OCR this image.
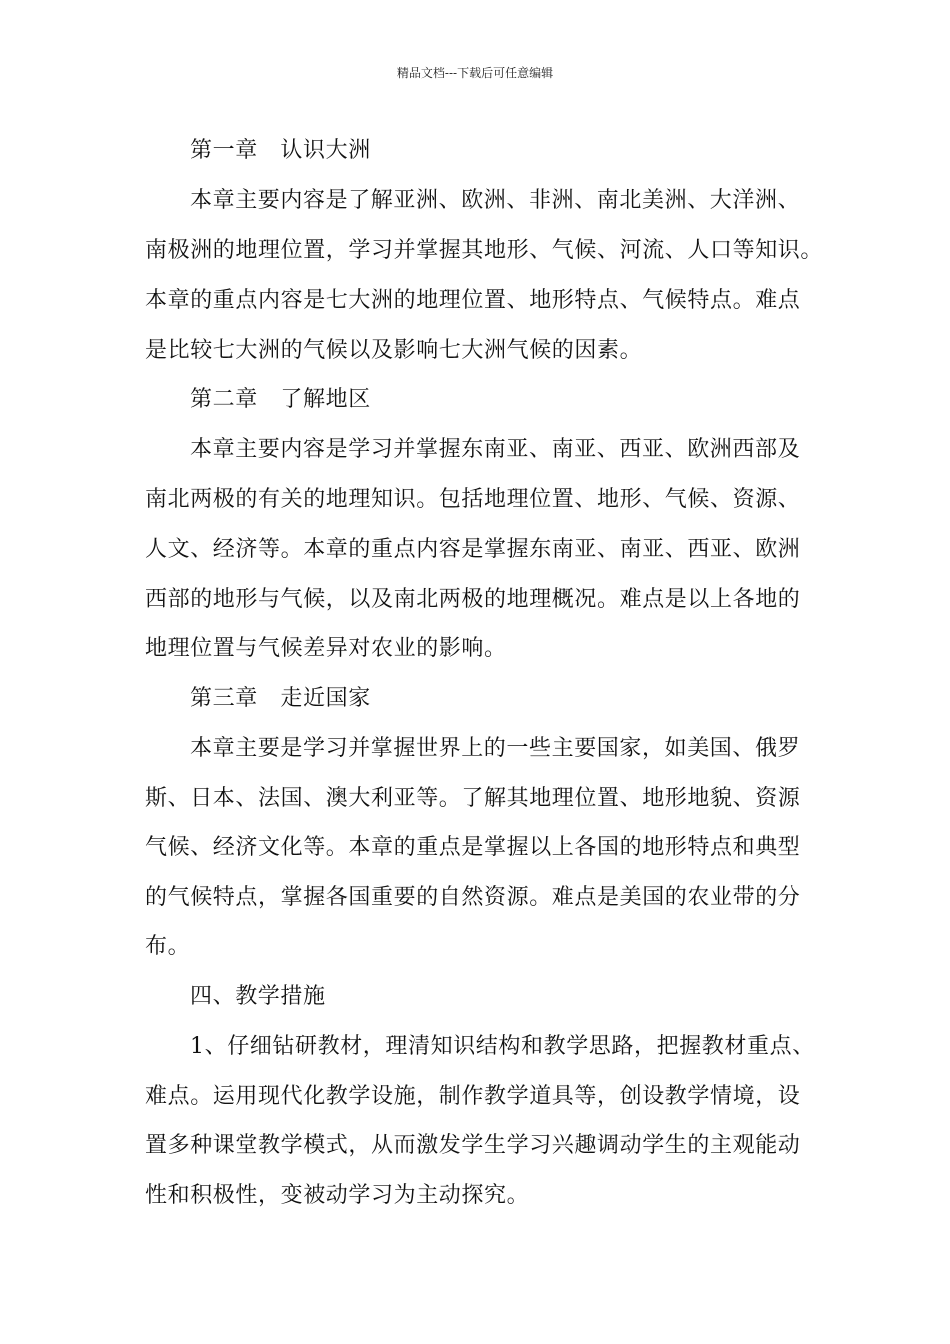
精品文档---下载后可任意编辑
第一章　认识大洲
本章主要内容是了解亚洲、欧洲、非洲、南北美洲、大洋洲、
南极洲的地理位置，学习并掌握其地形、气候、河流、人口等知识。
本章的重点内容是七大洲的地理位置、地形特点、气候特点。难点
是比较七大洲的气候以及影响七大洲气候的因素。
第二章　了解地区
本章主要内容是学习并掌握东南亚、南亚、西亚、欧洲西部及
南北两极的有关的地理知识。包括地理位置、地形、气候、资源、
人文、经济等。本章的重点内容是掌握东南亚、南亚、西亚、欧洲
西部的地形与气候，以及南北两极的地理概况。难点是以上各地的
地理位置与气候差异对农业的影响。
第三章　走近国家
本章主要是学习并掌握世界上的一些主要国家，如美国、俄罗
斯、日本、法国、澳大利亚等。了解其地理位置、地形地貌、资源
气候、经济文化等。本章的重点是掌握以上各国的地形特点和典型
的气候特点，掌握各国重要的自然资源。难点是美国的农业带的分
布。
四、教学措施
1、仔细钻研教材，理清知识结构和教学思路，把握教材重点、
难点。运用现代化教学设施，制作教学道具等，创设教学情境，设
置多种课堂教学模式，从而激发学生学习兴趣调动学生的主观能动
性和积极性，变被动学习为主动探究。
